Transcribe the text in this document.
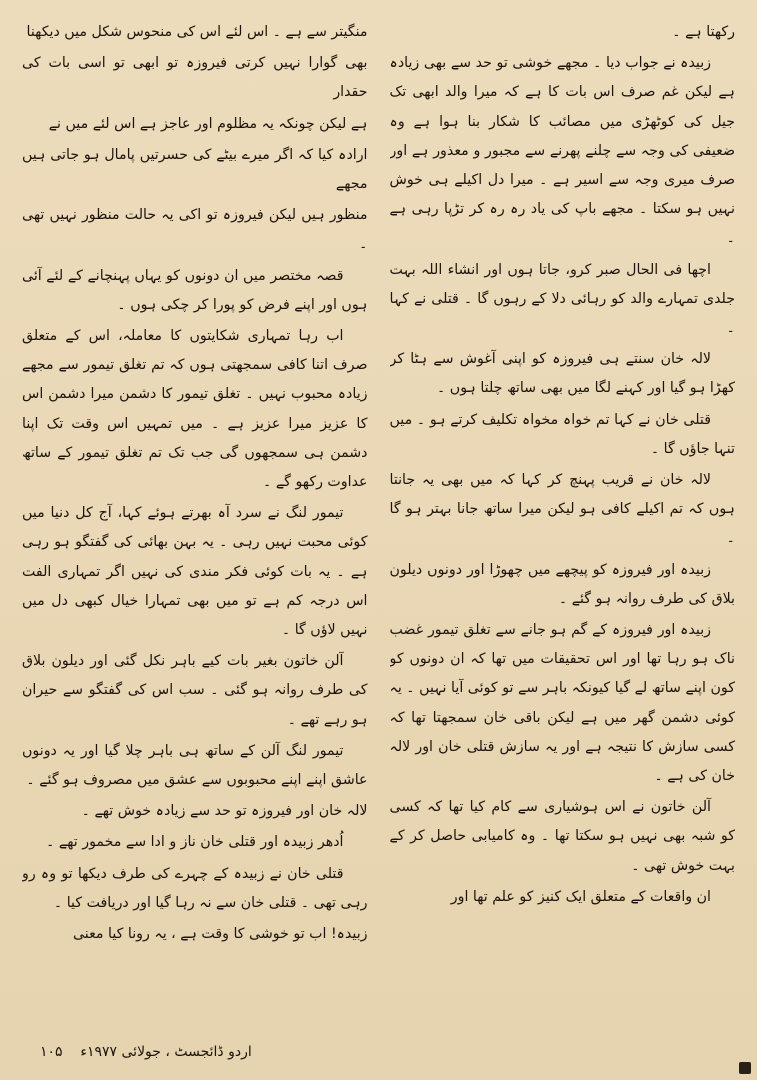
منگیتر سے ہے ۔ اس لئے اس کی منحوس شکل میں دیکھنا

بھی گوارا نہیں کرتی فیروزہ تو ابھی تو اسی بات کی حقدار

ہے لیکن چونکہ یہ مظلوم اور عاجز ہے اس لئے میں نے

ارادہ کیا کہ اگر میرے بیٹے کی حسرتیں پامال ہو جاتی ہیں مجھے

منظور ہیں لیکن فیروزہ تو اکی یہ حالت منظور نہیں تھی ۔

قصہ مختصر میں ان دونوں کو یہاں پہنچانے کے لئے آئی ہوں اور اپنے فرض کو پورا کر چکی ہوں ۔

اب رہا تمہاری شکایتوں کا معاملہ، اس کے متعلق صرف اتنا کافی سمجھتی ہوں کہ تم تغلق تیمور سے مجھے زیادہ محبوب نہیں ۔ تغلق تیمور کا دشمن میرا دشمن اس کا عزیز میرا عزیز ہے ۔ میں تمہیں اس وقت تک اپنا دشمن ہی سمجھوں گی جب تک تم تغلق تیمور کے ساتھ عداوت رکھو گے ۔

تیمور لنگ نے سرد آہ بھرتے ہوئے کہا، آج کل دنیا میں کوئی محبت نہیں رہی ۔ یہ بہن بھائی کی گفتگو ہو رہی ہے ۔ یہ بات کوئی فکر مندی کی نہیں اگر تمہاری الفت اس درجہ کم ہے تو میں بھی تمہارا خیال کبھی دل میں نہیں لاؤں گا ۔

آلن خاتون بغیر بات کیے باہر نکل گئی اور دیلون بلاق کی طرف روانہ ہو گئی ۔ سب اس کی گفتگو سے حیران ہو رہے تھے ۔

تیمور لنگ آلن کے ساتھ ہی باہر چلا گیا اور یہ دونوں عاشق اپنے اپنے محبوبوں سے عشق میں مصروف ہو گئے ۔

لالہ خان اور فیروزہ تو حد سے زیادہ خوش تھے ۔

اُدھر زبیدہ اور قتلی خان ناز و ادا سے مخمور تھے ۔

قتلی خان نے زبیدہ کے چہرے کی طرف دیکھا تو وہ رو رہی تھی ۔ قتلی خان سے نہ رہا گیا اور دریافت کیا ۔

زبیدہ! اب تو خوشی کا وقت ہے ، یہ رونا کیا معنی

رکھتا ہے ۔

زبیدہ نے جواب دیا ۔ مجھے خوشی تو حد سے بھی زیادہ ہے لیکن غم صرف اس بات کا ہے کہ میرا والد ابھی تک جیل کی کوٹھڑی میں مصائب کا شکار بنا ہوا ہے وہ ضعیفی کی وجہ سے چلنے پھرنے سے مجبور و معذور ہے اور صرف میری وجہ سے اسیر ہے ۔ میرا دل اکیلے ہی خوش نہیں ہو سکتا ۔ مجھے باپ کی یاد رہ رہ کر تڑپا رہی ہے ۔

اچھا فی الحال صبر کرو، جاتا ہوں اور انشاء اللہ بہت جلدی تمہارے والد کو رہائی دلا کے رہوں گا ۔ قتلی نے کہا ۔

لالہ خان سنتے ہی فیروزہ کو اپنی آغوش سے ہٹا کر کھڑا ہو گیا اور کہنے لگا میں بھی ساتھ چلتا ہوں ۔

قتلی خان نے کہا تم خواہ مخواہ تکلیف کرتے ہو ۔ میں تنہا جاؤں گا ۔

لالہ خان نے قریب پہنچ کر کہا کہ میں بھی یہ جانتا ہوں کہ تم اکیلے کافی ہو لیکن میرا ساتھ جانا بہتر ہو گا ۔

زبیدہ اور فیروزہ کو پیچھے میں چھوڑا اور دونوں دیلون بلاق کی طرف روانہ ہو گئے ۔

زبیدہ اور فیروزہ کے گم ہو جانے سے تغلق تیمور غضب ناک ہو رہا تھا اور اس تحقیقات میں تھا کہ ان دونوں کو کون اپنے ساتھ لے گیا کیونکہ باہر سے تو کوئی آیا نہیں ۔ یہ کوئی دشمن گھر میں ہے لیکن باقی خان سمجھتا تھا کہ کسی سازش کا نتیجہ ہے اور یہ سازش قتلی خان اور لالہ خان کی ہے ۔

آلن خاتون نے اس ہوشیاری سے کام کیا تھا کہ کسی کو شبہ بھی نہیں ہو سکتا تھا ۔ وہ کامیابی حاصل کر کے بہت خوش تھی ۔

ان واقعات کے متعلق ایک کنیز کو علم تھا اور

۱۰۵ اردو ڈائجسٹ ، جولائی ۱۹۷۷ء
